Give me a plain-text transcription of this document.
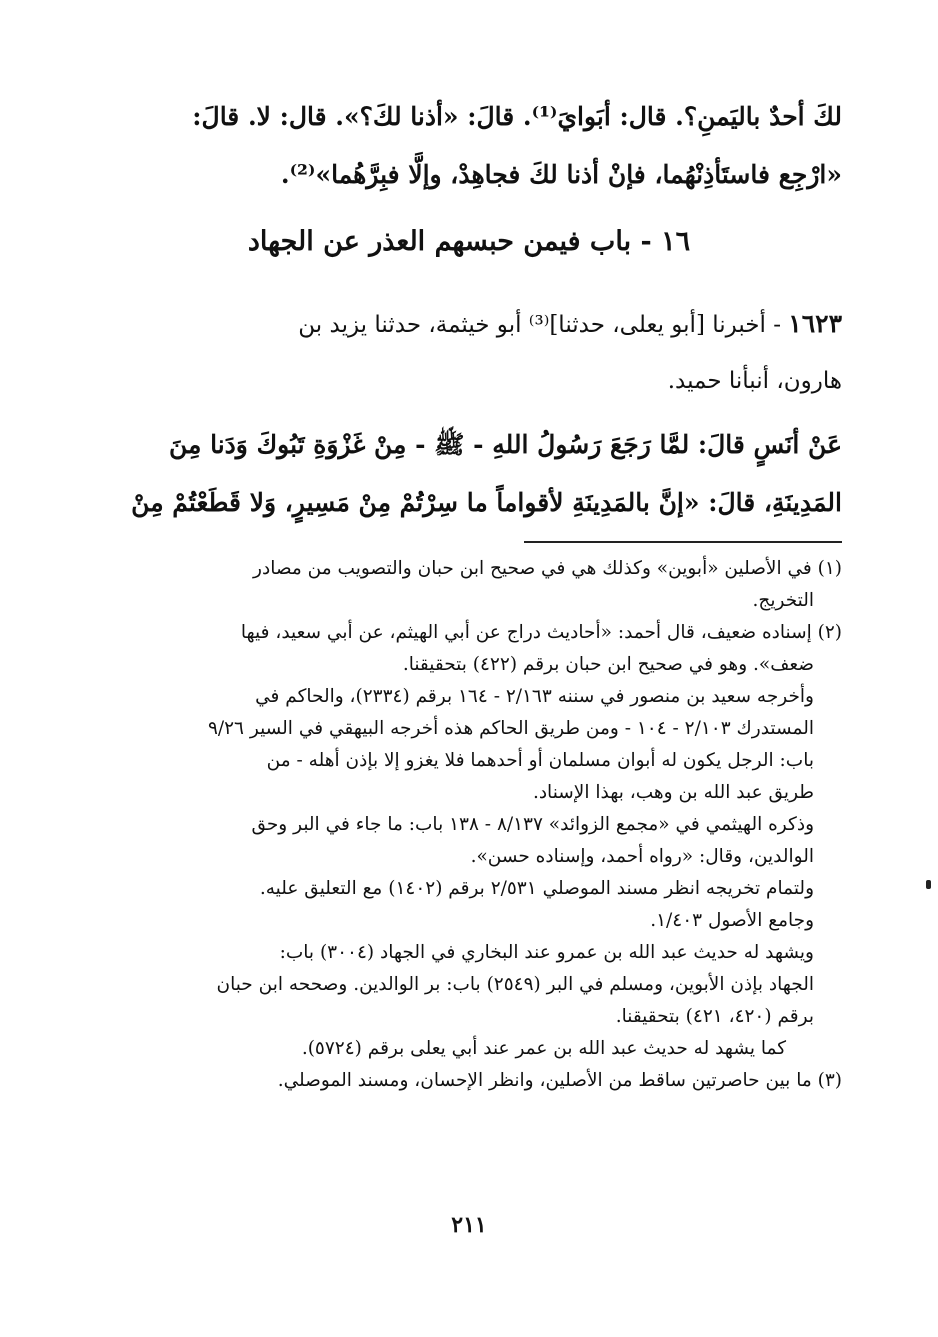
لكَ أحدٌ باليَمنِ؟. قال: أبَوايَ⁽¹⁾. قالَ: «أذنا لكَ؟». قال: لا. قالَ:
«ارْجِع فاستَأذِنْهُما، فإنْ أذنا لكَ فجاهِدْ، وإلَّا فبِرَّهُما»⁽²⁾.
١٦ - باب فيمن حبسهم العذر عن الجهاد
١٦٢٣ - أخبرنا [أبو يعلى، حدثنا]⁽³⁾ أبو خيثمة، حدثنا يزيد بن
هارون، أنبأنا حميد.
عَنْ أنَسٍ قالَ: لمَّا رَجَعَ رَسُولُ اللهِ - ﷺ - مِنْ غَزْوَةِ تَبُوكَ وَدَنا مِنَ
المَدِينَةِ، قالَ: «إنَّ بالمَدِينَةِ لأقواماً ما سِرْتُمْ مِنْ مَسِيرٍ، وَلا قَطَعْتُمْ مِنْ

(١) في الأصلين «أبوين» وكذلك هي في صحيح ابن حبان والتصويب من مصادر

التخريج.

(٢) إسناده ضعيف، قال أحمد: «أحاديث دراج عن أبي الهيثم، عن أبي سعيد، فيها

ضعف». وهو في صحيح ابن حبان برقم (٤٢٢) بتحقيقنا.

وأخرجه سعيد بن منصور في سننه ٢/١٦٣ - ١٦٤ برقم (٢٣٣٤)، والحاكم في

المستدرك ٢/١٠٣ - ١٠٤ - ومن طريق الحاكم هذه أخرجه البيهقي في السير ٩/٢٦

باب: الرجل يكون له أبوان مسلمان أو أحدهما فلا يغزو إلا بإذن أهله - من

طريق عبد الله بن وهب، بهذا الإسناد.

وذكره الهيثمي في «مجمع الزوائد» ٨/١٣٧ - ١٣٨ باب: ما جاء في البر وحق

الوالدين، وقال: «رواه أحمد، وإسناده حسن».

ولتمام تخريجه انظر مسند الموصلي ٢/٥٣١ برقم (١٤٠٢) مع التعليق عليه.

وجامع الأصول ١/٤٠٣.

ويشهد له حديث عبد الله بن عمرو عند البخاري في الجهاد (٣٠٠٤) باب:

الجهاد بإذن الأبوين، ومسلم في البر (٢٥٤٩) باب: بر الوالدين. وصححه ابن حبان

برقم (٤٢٠، ٤٢١) بتحقيقنا.

كما يشهد له حديث عبد الله بن عمر عند أبي يعلى برقم (٥٧٢٤).

(٣) ما بين حاصرتين ساقط من الأصلين، وانظر الإحسان، ومسند الموصلي.

٢١١
